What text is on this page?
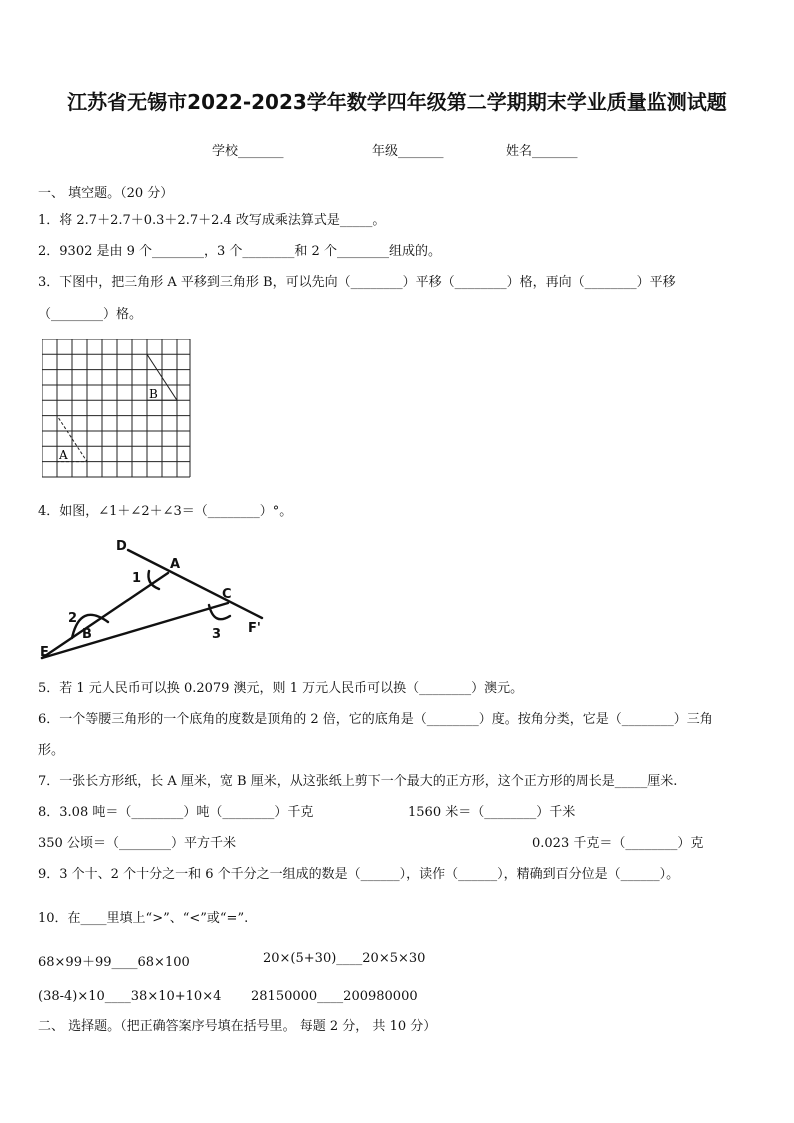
江苏省无锡市2022-2023学年数学四年级第二学期期末学业质量监测试题
学校_______	年级_______	姓名_______
一、 填空题。（20 分）
1．将 2.7＋2.7＋0.3＋2.7＋2.4 改写成乘法算式是_____。
2．9302 是由 9 个________，3 个________和 2 个________组成的。
3．下图中，把三角形 A 平移到三角形 B，可以先向（________）平移（________）格，再向（________）平移
（________）格。
B
A
4．如图，∠1＋∠2＋∠3＝（________）°。
D
A
C
E
B	F'
1
2
3
5．若 1 元人民币可以换 0.2079 澳元，则 1 万元人民币可以换（________）澳元。
6．一个等腰三角形的一个底角的度数是顶角的 2 倍，它的底角是（________）度。按角分类，它是（________）三角
形。
7．一张长方形纸，长 A 厘米，宽 B 厘米，从这张纸上剪下一个最大的正方形，这个正方形的周长是_____厘米.
8．3.08 吨＝（________）吨（________）千克	1560 米＝（________）千米
350 公顷＝（________）平方千米	0.023 千克＝（________）克
9．3 个十、2 个十分之一和 6 个千分之一组成的数是（______），读作（______），精确到百分位是（______）。
10．在____里填上“>”、“<”或“=”.
68×99＋99____68×100	20×(5+30)____20×5×30
(38-4)×10____38×10+10×4 28150000____200980000
二、 选择题。（把正确答案序号填在括号里。 每题 2 分， 共 10 分）
